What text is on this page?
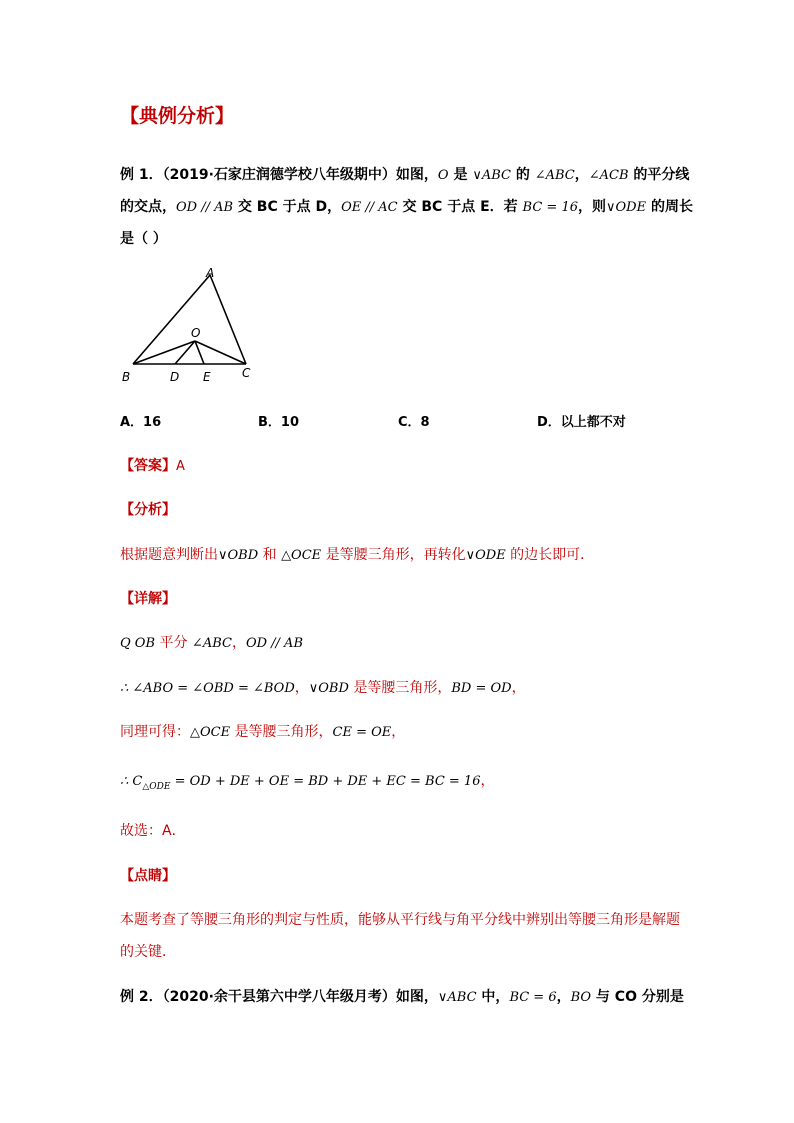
【典例分析】
例 1．（2019·石家庄润德学校八年级期中）如图，O 是 ∨ABC 的 ∠ABC，∠ACB 的平分线
的交点，OD // AB 交 BC 于点 D，OE // AC 交 BC 于点 E．若 BC = 16，则∨ODE 的周长
是（ ）
A
O
B	D E	C
A．16	B．10	C．8	D．以上都不对
【答案】A
【分析】
根据题意判断出∨OBD 和 △OCE 是等腰三角形，再转化∨ODE 的边长即可．
【详解】
Q OB 平分 ∠ABC，OD // AB
∴ ∠ABO = ∠OBD = ∠BOD，∨OBD 是等腰三角形，BD = OD，
同理可得：△OCE 是等腰三角形，CE = OE，
∴ $C_{\triangle ODE}$ = OD + DE + OE = BD + DE + EC = BC = 16，
故选：A．
【点睛】
本题考查了等腰三角形的判定与性质，能够从平行线与角平分线中辨别出等腰三角形是解题
的关键．
例 2．（2020·余干县第六中学八年级月考）如图，∨ABC 中，BC = 6，BO 与 CO 分别是
